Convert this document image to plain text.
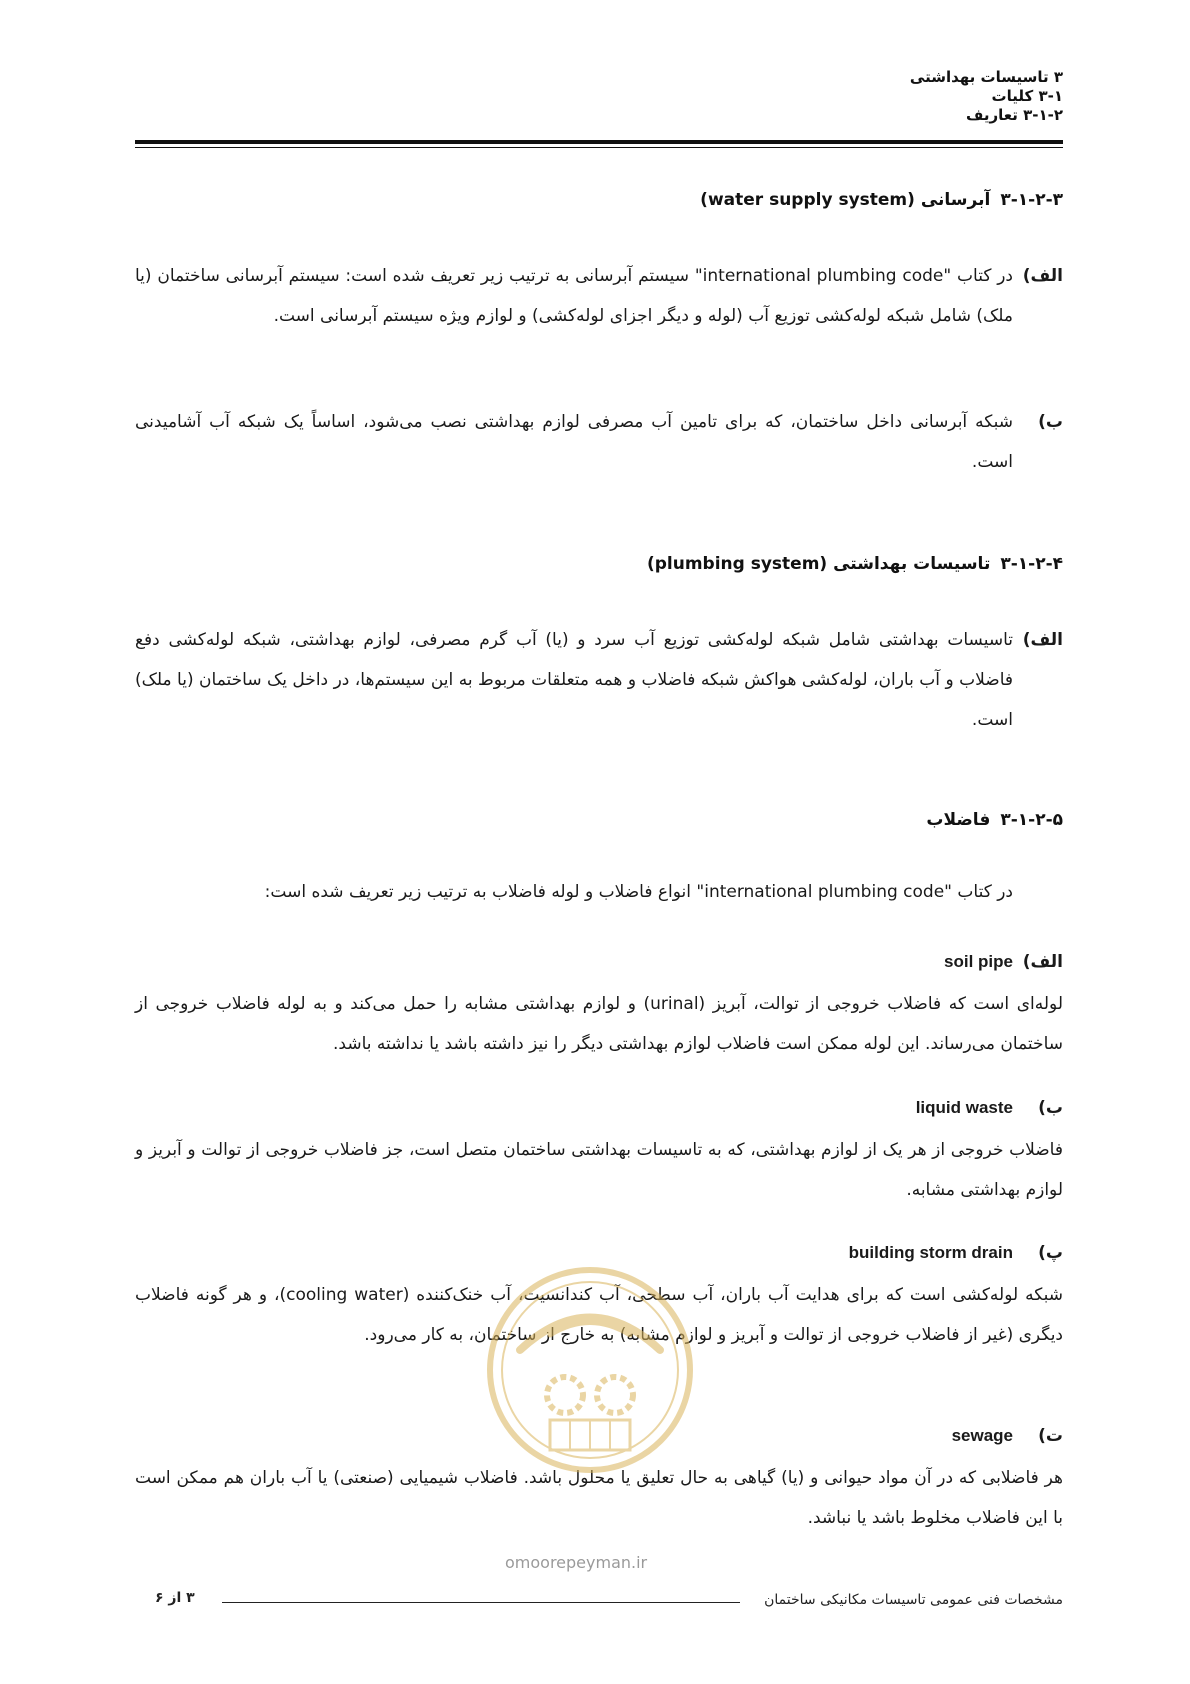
۳ تاسیسات بهداشتی
۳-۱ کلیات
۳-۱-۲ تعاریف
۳-۱-۲-۳آبرسانی (water supply system)
الف)
در کتاب "international plumbing code" سیستم آبرسانی به ترتیب زیر تعریف شده است: سیستم آبرسانی ساختمان (یا ملک) شامل شبکه لوله‌کشی توزیع آب (لوله و دیگر اجزای لوله‌کشی) و لوازم ویژه سیستم آبرسانی است.
ب)
شبکه آبرسانی داخل ساختمان، که برای تامین آب مصرفی لوازم بهداشتی نصب می‌شود، اساساً یک شبکه آب آشامیدنی است.
۳-۱-۲-۴تاسیسات بهداشتی (plumbing system)
الف)
تاسیسات بهداشتی شامل شبکه لوله‌کشی توزیع آب سرد و (یا) آب گرم مصرفی، لوازم بهداشتی، شبکه لوله‌کشی دفع فاضلاب و آب باران، لوله‌کشی هواکش شبکه فاضلاب و همه متعلقات مربوط به این سیستم‌ها، در داخل یک ساختمان (یا ملک) است.
۳-۱-۲-۵فاضلاب
در کتاب "international plumbing code" انواع فاضلاب و لوله فاضلاب به ترتیب زیر تعریف شده است:
الف)
soil pipe
لوله‌ای است که فاضلاب خروجی از توالت، آبریز (urinal) و لوازم بهداشتی مشابه را حمل می‌کند و به لوله فاضلاب خروجی از ساختمان می‌رساند. این لوله ممکن است فاضلاب لوازم بهداشتی دیگر را نیز داشته باشد یا نداشته باشد.
ب)
liquid waste
فاضلاب خروجی از هر یک از لوازم بهداشتی، که به تاسیسات بهداشتی ساختمان متصل است، جز فاضلاب خروجی از توالت و آبریز و لوازم بهداشتی مشابه.
پ)
building storm drain
شبکه لوله‌کشی است که برای هدایت آب باران، آب سطحی، آب کندانسیت، آب خنک‌کننده (cooling water)، و هر گونه فاضلاب دیگری (غیر از فاضلاب خروجی از توالت و آبریز و لوازم مشابه) به خارج از ساختمان، به کار می‌رود.
ت)
sewage
هر فاضلابی که در آن مواد حیوانی و (یا) گیاهی به حال تعلیق یا محلول باشد. فاضلاب شیمیایی (صنعتی) یا آب باران هم ممکن است با این فاضلاب مخلوط باشد یا نباشد.
omoorepeyman.ir
مشخصات فنی عمومی تاسیسات مکانیکی ساختمان
۳ از ۶
